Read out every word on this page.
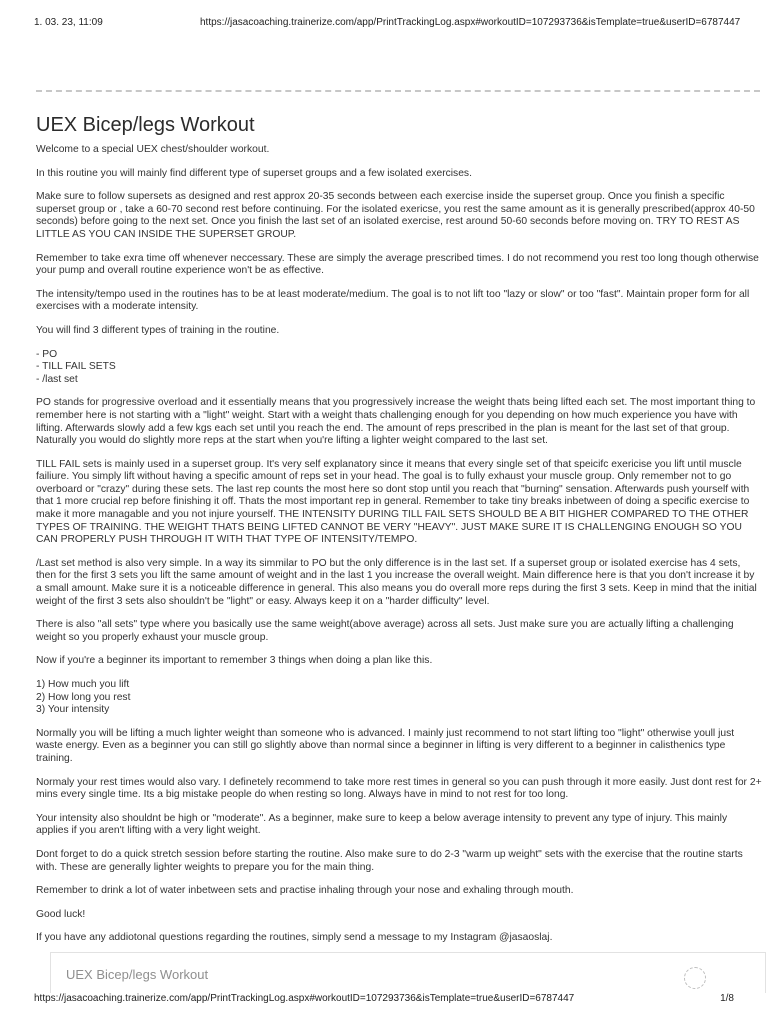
1. 03. 23, 11:09	https://jasacoaching.trainerize.com/app/PrintTrackingLog.aspx#workoutID=107293736&isTemplate=true&userID=6787447
UEX Bicep/legs Workout

Welcome to a special UEX chest/shoulder workout.

In this routine you will mainly find different type of superset groups and a few isolated exercises.

Make sure to follow supersets as designed and rest approx 20-35 seconds between each exercise inside the superset group. Once you finish a specific superset group or , take a 60-70 second rest before continuing. For the isolated exericse, you rest the same amount as it is generally prescribed(approx 40-50 seconds) before going to the next set. Once you finish the last set of an isolated exercise, rest around 50-60 seconds before moving on. TRY TO REST AS LITTLE AS YOU CAN INSIDE THE SUPERSET GROUP.

Remember to take exra time off whenever neccessary. These are simply the average prescribed times. I do not recommend you rest too long though otherwise your pump and overall routine experience won't be as effective.

The intensity/tempo used in the routines has to be at least moderate/medium. The goal is to not lift too "lazy or slow" or too "fast". Maintain proper form for all exercises with a moderate intensity.

You will find 3 different types of training in the routine.

- PO
- TILL FAIL SETS
- /last set

PO stands for progressive overload and it essentially means that you progressively increase the weight thats being lifted each set. The most important thing to remember here is not starting with a "light" weight. Start with a weight thats challenging enough for you depending on how much experience you have with lifting. Afterwards slowly add a few kgs each set until you reach the end. The amount of reps prescribed in the plan is meant for the last set of that group. Naturally you would do slightly more reps at the start when you're lifting a lighter weight compared to the last set.

TILL FAIL sets is mainly used in a superset group. It's very self explanatory since it means that every single set of that speicifc exericise you lift until muscle failiure. You simply lift without having a specific amount of reps set in your head. The goal is to fully exhaust your muscle group. Only remember not to go overboard or "crazy" during these sets. The last rep counts the most here so dont stop until you reach that "burning" sensation. Afterwards push yourself with that 1 more crucial rep before finishing it off. Thats the most important rep in general. Remember to take tiny breaks inbetween of doing a specific exercise to make it more managable and you not injure yourself. THE INTENSITY DURING TILL FAIL SETS SHOULD BE A BIT HIGHER COMPARED TO THE OTHER TYPES OF TRAINING. THE WEIGHT THATS BEING LIFTED CANNOT BE VERY "HEAVY". JUST MAKE SURE IT IS CHALLENGING ENOUGH SO YOU CAN PROPERLY PUSH THROUGH IT WITH THAT TYPE OF INTENSITY/TEMPO.

/Last set method is also very simple. In a way its simmilar to PO but the only difference is in the last set. If a superset group or isolated exercise has 4 sets, then for the first 3 sets you lift the same amount of weight and in the last 1 you increase the overall weight. Main difference here is that you don't increase it by a small amount. Make sure it is a noticeable difference in general. This also means you do overall more reps during the first 3 sets. Keep in mind that the initial weight of the first 3 sets also shouldn't be "light" or easy. Always keep it on a "harder difficulty" level.

There is also "all sets" type where you basically use the same weight(above average) across all sets. Just make sure you are actually lifting a challenging weight so you properly exhaust your muscle group.

Now if you're a beginner its important to remember 3 things when doing a plan like this.

1) How much you lift
2) How long you rest
3) Your intensity

Normally you will be lifting a much lighter weight than someone who is advanced. I mainly just recommend to not start lifting too "light" otherwise youll just waste energy. Even as a beginner you can still go slightly above than normal since a beginner in lifting is very different to a beginner in calisthenics type training.

Normaly your rest times would also vary. I definetely recommend to take more rest times in general so you can push through it more easily. Just dont rest for 2+ mins every single time. Its a big mistake people do when resting so long. Always have in mind to not rest for too long.

Your intensity also shouldnt be high or "moderate". As a beginner, make sure to keep a below average intensity to prevent any type of injury. This mainly applies if you aren't lifting with a very light weight.

Dont forget to do a quick stretch session before starting the routine. Also make sure to do 2-3 "warm up weight" sets with the exercise that the routine starts with. These are generally lighter weights to prepare you for the main thing.

Remember to drink a lot of water inbetween sets and practise inhaling through your nose and exhaling through mouth.

Good luck!

If you have any addiotonal questions regarding the routines, simply send a message to my Instagram @jasaoslaj.

UEX Bicep/legs Workout
https://jasacoaching.trainerize.com/app/PrintTrackingLog.aspx#workoutID=107293736&isTemplate=true&userID=6787447	1/8
